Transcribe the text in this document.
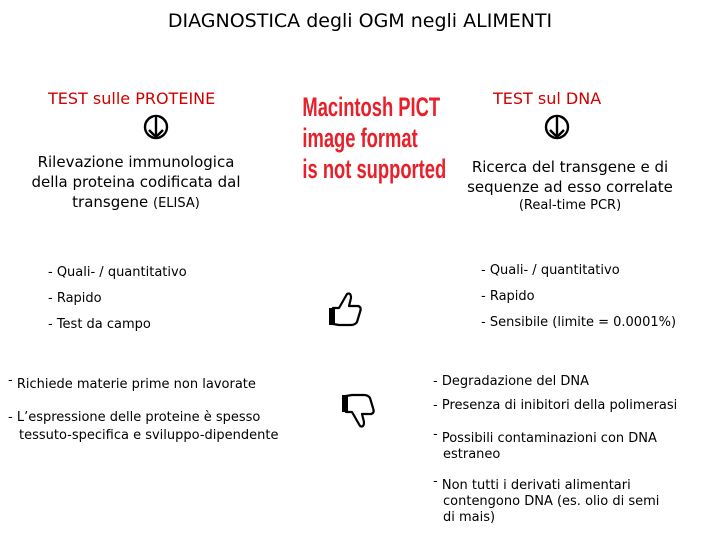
DIAGNOSTICA degli OGM negli ALIMENTI
TEST sulle PROTEINE
Rilevazione immunologica
della proteina codificata dal
transgene (ELISA)
- Quali- / quantitativo
- Rapido
- Test da campo
- Richiede materie prime non lavorate
- L’espressione delle proteine è spesso
tessuto-specifica e sviluppo-dipendente
Macintosh PICT
image format
is not supported
TEST sul DNA
Ricerca del transgene e di
sequenze ad esso correlate
(Real-time PCR)
- Quali- / quantitativo
- Rapido
- Sensibile (limite = 0.0001%)
- Degradazione del DNA
- Presenza di inibitori della polimerasi
- Possibili contaminazioni con DNA
estraneo
- Non tutti i derivati alimentari
contengono DNA (es. olio di semi
di mais)
